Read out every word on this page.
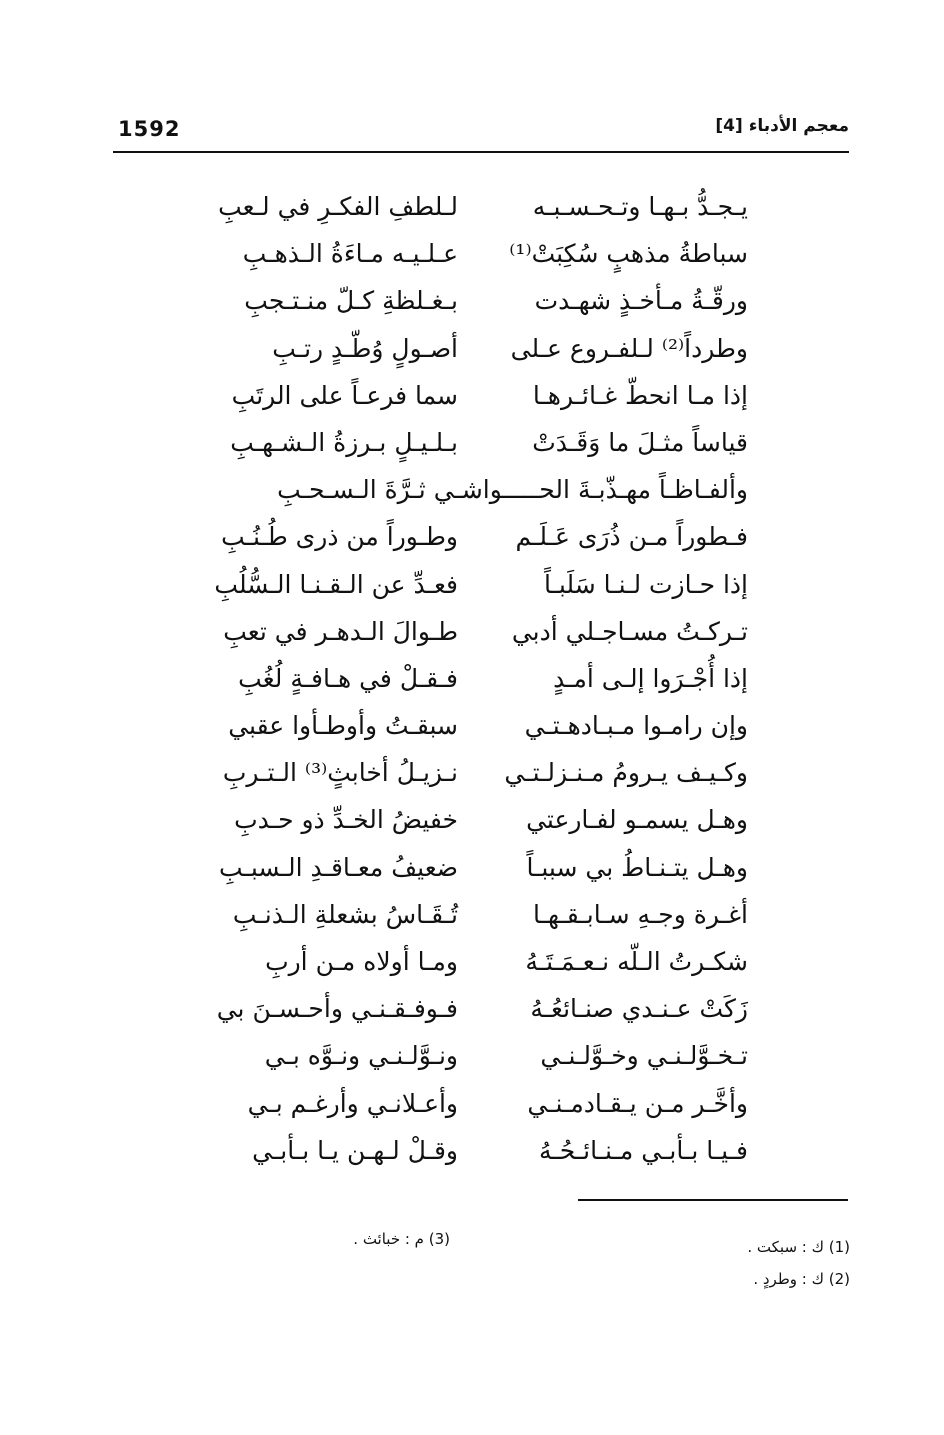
1592	معجم الأدباء [4]
يـجـدُّ بـهـا وتـحـسـبـه
لـلطفِ الفكـرِ في لـعبِ
سباطةُ مذهبٍ سُكِبَتْ⁽¹⁾
عـلـيـه مـاءَةُ الـذهـبِ
ورقّـةُ مـأخـذٍ شهـدت
بـغـلظةِ كـلّ منـتـجبِ
وطرداً⁽²⁾ لـلفـروع عـلى
أصـولٍ وُطّـدٍ رتـبِ
إذا مـا انحطّ غـائـرهـا
سما فرعـاً على الرتَبِ
قياساً مثـلَ ما وَقَـدَتْ
بـلـيـلٍ بـرزةُ الـشـهـبِ
وألفـاظـاً مهـذّبـةَ الحـــــواشـي ثـرَّةَ الـسـحـبِ
فـطوراً مـن ذُرَى عَـلَـم
وطـوراً من ذرى طُـنُـبِ
إذا حـازت لـنـا سَلَبـاً
فعـدِّ عن الـقـنـا الـسُّلُبِ
تـركـتُ مسـاجـلي أدبي
طـوالَ الـدهـر في تعبِ
إذا أُجْـرَوا إلـى أمـدٍ
فـقـلْ في هـافـةٍ لُغُبِ
وإن رامـوا مـبـادهـتـي
سبقـتُ وأوطـأوا عقبي
وكـيـف يـرومُ مـنـزلـتـي
نـزيـلُ أخابثٍ⁽³⁾ الـتـربِ
وهـل يسمـو لفـارعتي
خفيضُ الخـدِّ ذو حـدبِ
وهـل يتـنـاطُ بي سببـاً
ضعيفُ معـاقـدِ الـسبـبِ
أغـرة وجـهِ سـابـقـهـا
تُـقَـاسُ بشعلةِ الـذنـبِ
شكـرتُ الـلّه نـعـمَـتَـهُ
ومـا أولاه مـن أربِ
زَكَتْ عـنـدي صنـائعُـهُ
فـوفـقـنـي وأحـسـنَ بي
تـخـوَّلـنـي وخـوَّلـنـي
ونـوَّلـنـي ونـوَّه بـي
وأخَّـر مـن يـقـادمـنـي
وأعـلانـي وأرغـم بـي
فـيـا بـأبـي مـنـائـحُـهُ
وقـلْ لـهـن يـا بـأبـي
(1) ك : سبكت .
(2) ك : وطردٍ .
(3) م : خبائث .
